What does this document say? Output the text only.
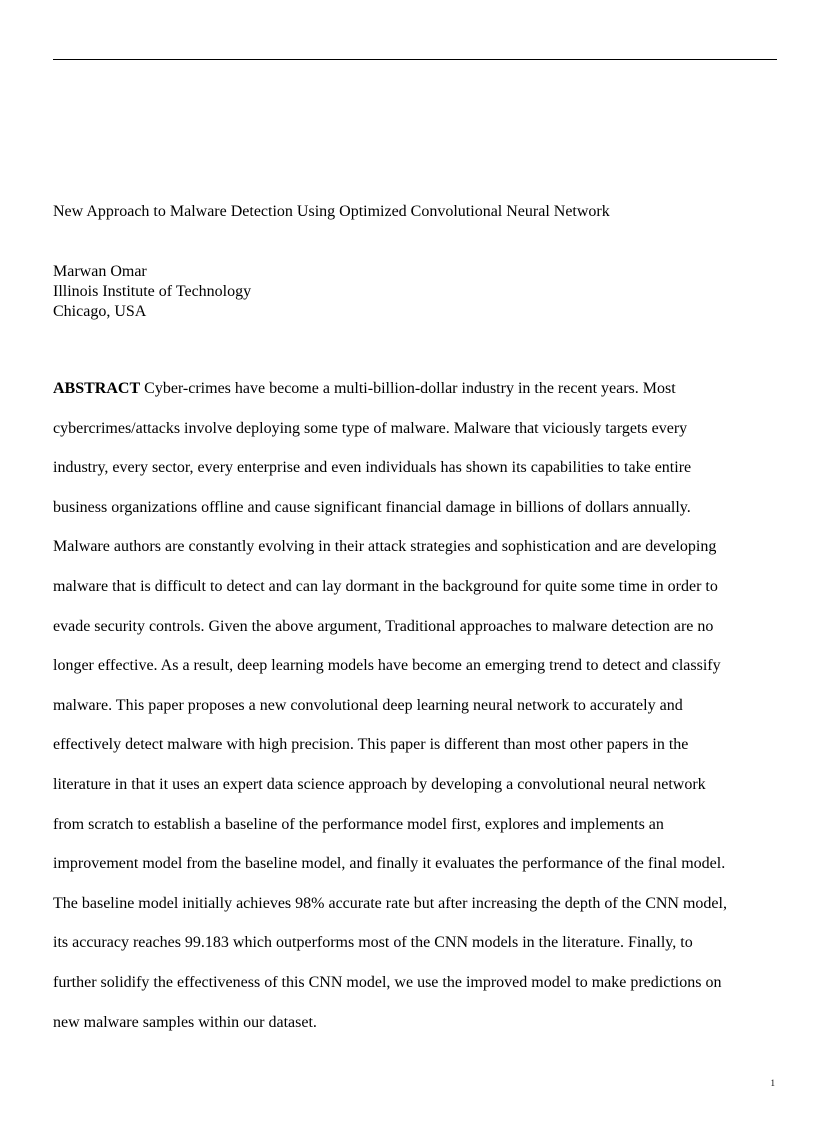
New Approach to Malware Detection Using Optimized Convolutional Neural Network
Marwan Omar
Illinois Institute of Technology
Chicago, USA
ABSTRACT Cyber-crimes have become a multi-billion-dollar industry in the recent years. Most
cybercrimes/attacks involve deploying some type of malware. Malware that viciously targets every
industry, every sector, every enterprise and even individuals has shown its capabilities to take entire
business organizations offline and cause significant financial damage in billions of dollars annually.
Malware authors are constantly evolving in their attack strategies and sophistication and are developing
malware that is difficult to detect and can lay dormant in the background for quite some time in order to
evade security controls. Given the above argument, Traditional approaches to malware detection are no
longer effective. As a result, deep learning models have become an emerging trend to detect and classify
malware. This paper proposes a new convolutional deep learning neural network to accurately and
effectively detect malware with high precision. This paper is different than most other papers in the
literature in that it uses an expert data science approach by developing a convolutional neural network
from scratch to establish a baseline of the performance model first, explores and implements an
improvement model from the baseline model, and finally it evaluates the performance of the final model.
The baseline model initially achieves 98% accurate rate but after increasing the depth of the CNN model,
its accuracy reaches 99.183 which outperforms most of the CNN models in the literature. Finally, to
further solidify the effectiveness of this CNN model, we use the improved model to make predictions on
new malware samples within our dataset.
1
